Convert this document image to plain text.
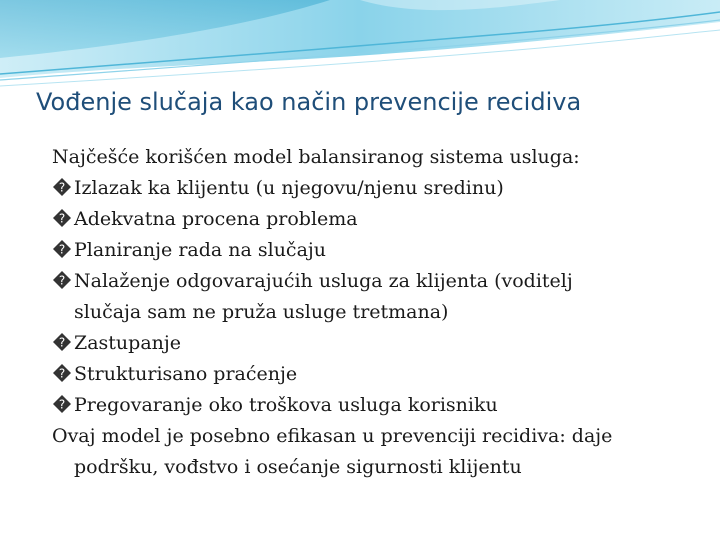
Vođenje slučaja kao način prevencije recidiva
Najčešće korišćen model balansiranog sistema usluga:
? Izlazak ka klijentu (u njegovu/njenu sredinu)
? Adekvatna procena problema
? Planiranje rada na slučaju
? Nalaženje odgovarajućih usluga za klijenta (voditelj
slučaja sam ne pruža usluge tretmana)
? Zastupanje
? Strukturisano praćenje
? Pregovaranje oko troškova usluga korisniku
Ovaj model je posebno efikasan u prevenciji recidiva: daje
podršku, vođstvo i osećanje sigurnosti klijentu
